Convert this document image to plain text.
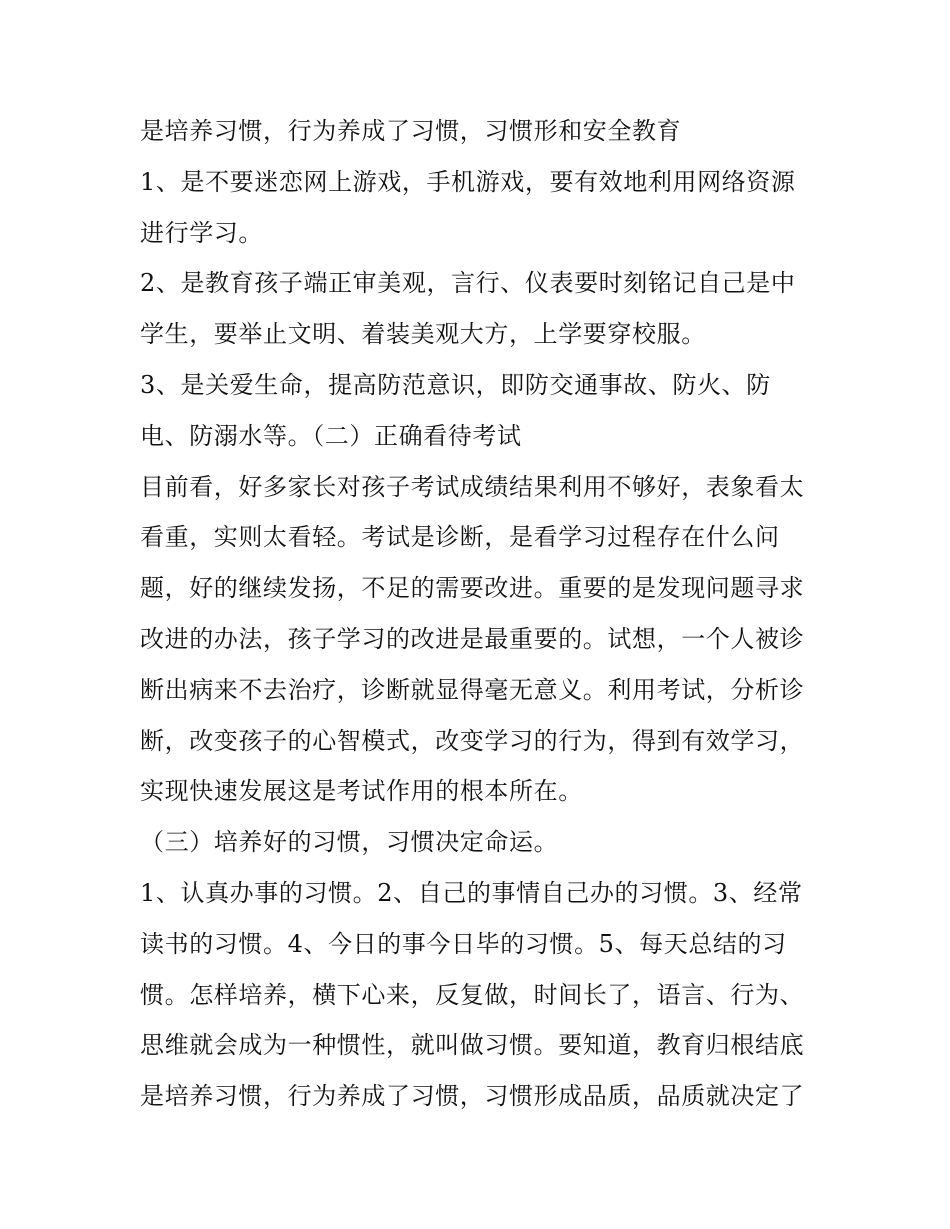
是培养习惯，行为养成了习惯，习惯形和安全教育
1、是不要迷恋网上游戏，手机游戏，要有效地利用网络资源
进行学习。
2、是教育孩子端正审美观，言行、仪表要时刻铭记自己是中
学生，要举止文明、着装美观大方，上学要穿校服。
3、是关爱生命，提高防范意识，即防交通事故、防火、防
电、防溺水等。（二）正确看待考试
目前看，好多家长对孩子考试成绩结果利用不够好，表象看太
看重，实则太看轻。考试是诊断，是看学习过程存在什么问
题，好的继续发扬，不足的需要改进。重要的是发现问题寻求
改进的办法，孩子学习的改进是最重要的。试想，一个人被诊
断出病来不去治疗，诊断就显得毫无意义。利用考试，分析诊
断，改变孩子的心智模式，改变学习的行为，得到有效学习，
实现快速发展这是考试作用的根本所在。
（三）培养好的习惯，习惯决定命运。
1、认真办事的习惯。2、自己的事情自己办的习惯。3、经常
读书的习惯。4、今日的事今日毕的习惯。5、每天总结的习
惯。怎样培养，横下心来，反复做，时间长了，语言、行为、
思维就会成为一种惯性，就叫做习惯。要知道，教育归根结底
是培养习惯，行为养成了习惯，习惯形成品质，品质就决定了
